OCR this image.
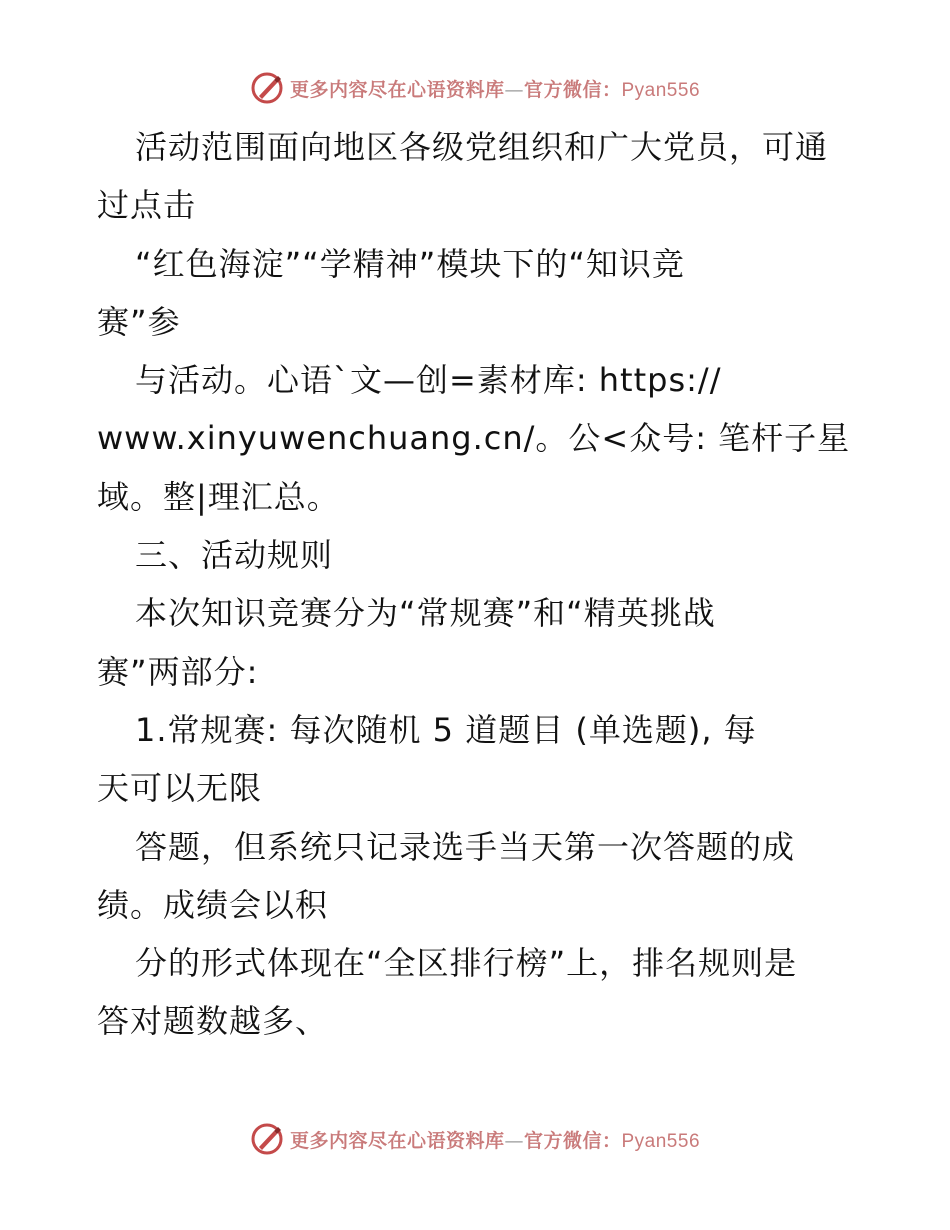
更多内容尽在心语资料库—官方微信：Pyan556
活动范围面向地区各级党组织和广大党员，可通
过点击
“红色海淀”“学精神”模块下的“知识竞
赛”参
与活动。心语`文—创=素材库: https://
www.xinyuwenchuang.cn/。公<众号: 笔杆子星
域。整|理汇总。
三、活动规则
本次知识竞赛分为“常规赛”和“精英挑战
赛”两部分:
1.常规赛: 每次随机 5 道题目 (单选题), 每
天可以无限
答题，但系统只记录选手当天第一次答题的成
绩。成绩会以积
分的形式体现在“全区排行榜”上，排名规则是
答对题数越多、
更多内容尽在心语资料库—官方微信：Pyan556
